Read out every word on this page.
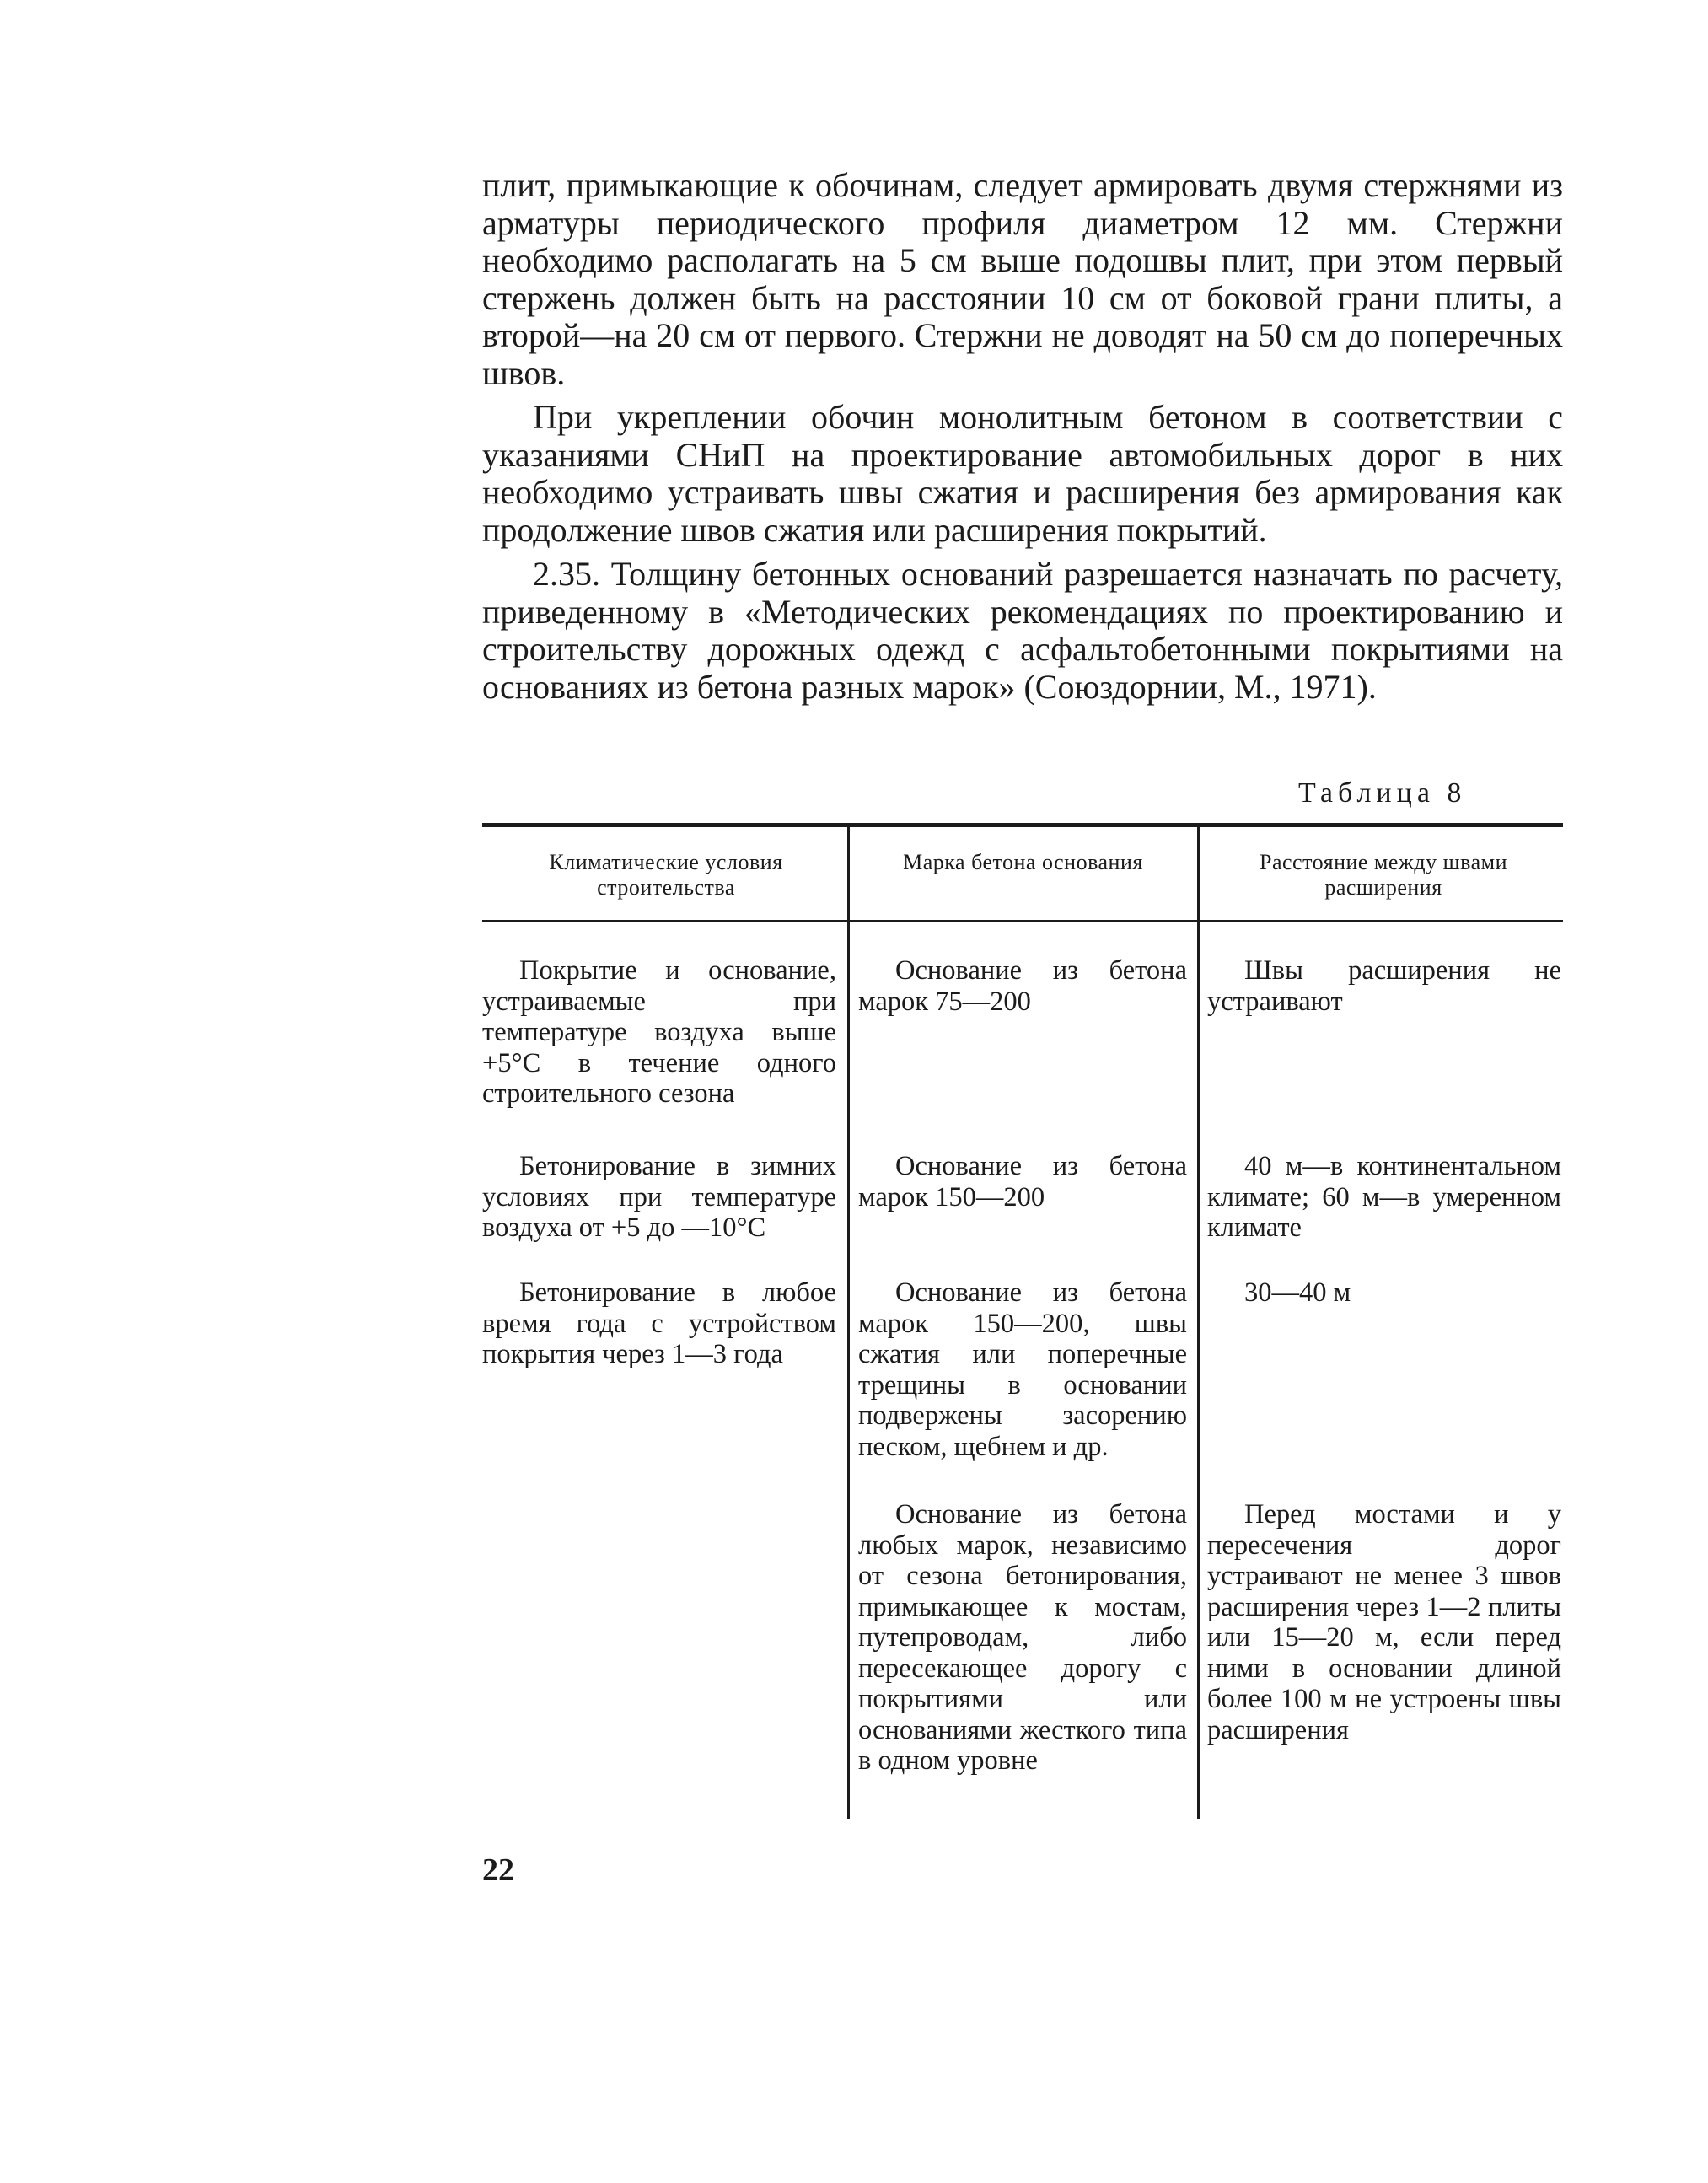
плит, примыкающие к обочинам, следует армировать двумя стержнями из арматуры периодического профиля диаметром 12 мм. Стержни необходимо располагать на 5 см выше подошвы плит, при этом первый стержень должен быть на расстоянии 10 см от боковой грани плиты, а второй—на 20 см от первого. Стержни не доводят на 50 см до поперечных швов.

При укреплении обочин монолитным бетоном в соответствии с указаниями СНиП на проектирование автомобильных дорог в них необходимо устраивать швы сжатия и расширения без армирования как продолжение швов сжатия или расширения покрытий.

2.35. Толщину бетонных оснований разрешается назначать по расчету, приведенному в «Методических рекомендациях по проектированию и строительству дорожных одежд с асфальтобетонными покрытиями на основаниях из бетона разных марок» (Союздорнии, М., 1971).

Таблица 8
Климатические условия строительства
Марка бетона основания	Расстояние между швами расширения
Покрытие и основание, устраиваемые при температуре воздуха выше +5°С в течение одного строительного сезона
Основание из бетона марок 75—200
Швы расширения не устраивают
Бетонирование в зимних условиях при температуре воздуха от +5 до —10°С
Основание из бетона марок 150—200
40 м—в континентальном климате; 60 м—в умеренном климате
Бетонирование в любое время года с устройством покрытия через 1—3 года
Основание из бетона марок 150—200, швы сжатия или поперечные трещины в основании подвержены засорению песком, щебнем и др.
30—40 м
Основание из бетона любых марок, независимо от сезона бетонирования, примыкающее к мостам, путепроводам, либо пересекающее дорогу с покрытиями или основаниями жесткого типа в одном уровне
Перед мостами и у пересечения дорог устраивают не менее 3 швов расширения через 1—2 плиты или 15—20 м, если перед ними в основании длиной более 100 м не устроены швы расширения
22
